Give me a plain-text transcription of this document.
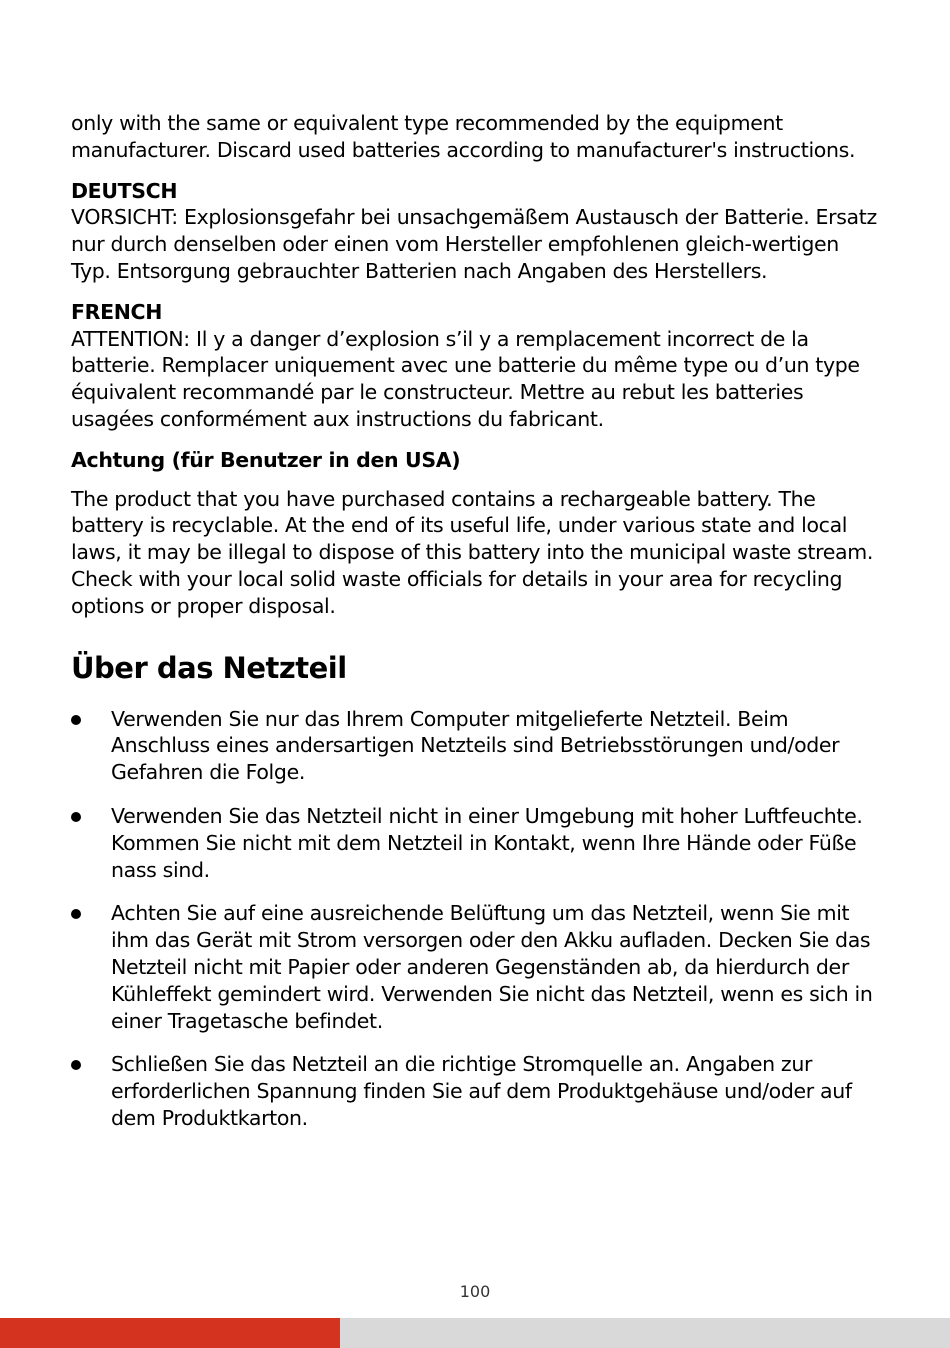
only with the same or equivalent type recommended by the equipment manufacturer. Discard used batteries according to manufacturer's instructions.

DEUTSCH

VORSICHT: Explosionsgefahr bei unsachgemäßem Austausch der Batterie. Ersatz nur durch denselben oder einen vom Hersteller empfohlenen gleich-wertigen Typ. Entsorgung gebrauchter Batterien nach Angaben des Herstellers.

FRENCH

ATTENTION: Il y a danger d’explosion s’il y a remplacement incorrect de la batterie. Remplacer uniquement avec une batterie du même type ou d’un type équivalent recommandé par le constructeur. Mettre au rebut les batteries usagées conformément aux instructions du fabricant.

Achtung (für Benutzer in den USA)

The product that you have purchased contains a rechargeable battery. The battery is recyclable. At the end of its useful life, under various state and local laws, it may be illegal to dispose of this battery into the municipal waste stream. Check with your local solid waste officials for details in your area for recycling options or proper disposal.

Über das Netzteil

Verwenden Sie nur das Ihrem Computer mitgelieferte Netzteil. Beim Anschluss eines andersartigen Netzteils sind Betriebsstörungen und/oder Gefahren die Folge.

Verwenden Sie das Netzteil nicht in einer Umgebung mit hoher Luftfeuchte. Kommen Sie nicht mit dem Netzteil in Kontakt, wenn Ihre Hände oder Füße nass sind.

Achten Sie auf eine ausreichende Belüftung um das Netzteil, wenn Sie mit ihm das Gerät mit Strom versorgen oder den Akku aufladen. Decken Sie das Netzteil nicht mit Papier oder anderen Gegenständen ab, da hierdurch der Kühleffekt gemindert wird. Verwenden Sie nicht das Netzteil, wenn es sich in einer Tragetasche befindet.

Schließen Sie das Netzteil an die richtige Stromquelle an. Angaben zur erforderlichen Spannung finden Sie auf dem Produktgehäuse und/oder auf dem Produktkarton.

100
